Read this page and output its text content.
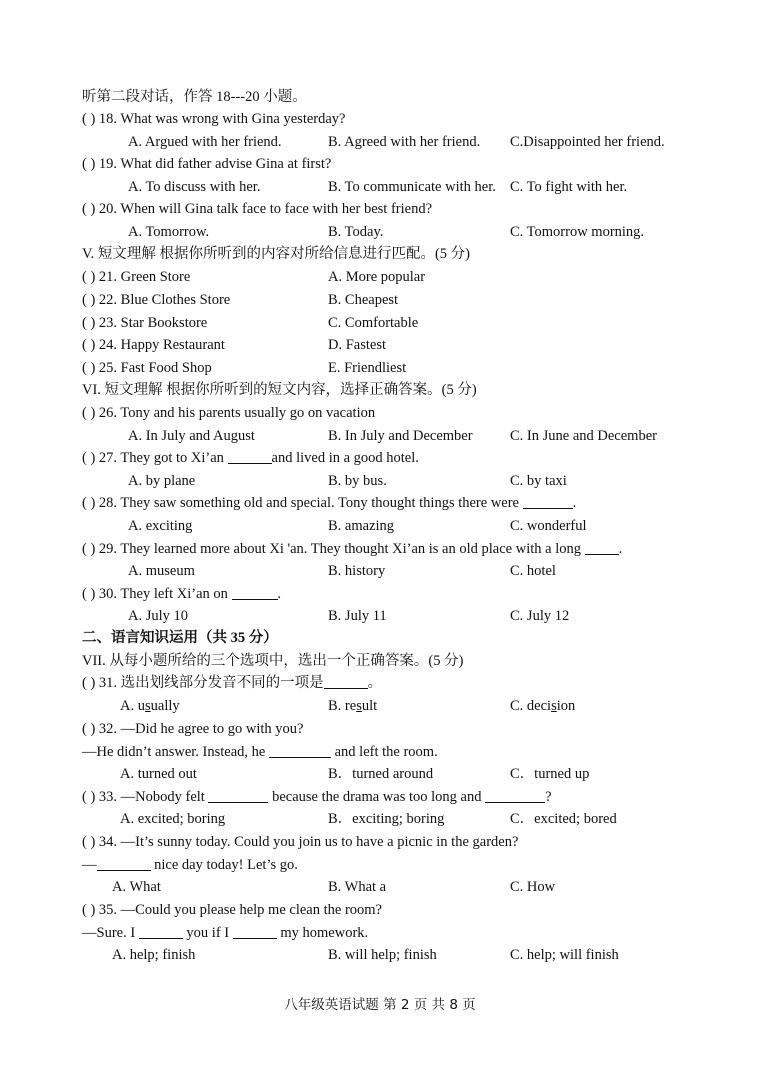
听第二段对话，作答 18---20 小题。
( ) 18. What was wrong with Gina yesterday?
A. Argued with her friend.	B. Agreed with her friend. C.Disappointed her friend.
( ) 19. What did father advise Gina at first?
A. To discuss with her.	B. To communicate with her. C. To fight with her.
( ) 20. When will Gina talk face to face with her best friend?
A. Tomorrow.	B. Today.	C. Tomorrow morning.
V. 短文理解 根据你所听到的内容对所给信息进行匹配。(5 分)
( ) 21. Green Store	A. More popular
( ) 22. Blue Clothes Store	B. Cheapest
( ) 23. Star Bookstore	C. Comfortable
( ) 24. Happy Restaurant	D. Fastest
( ) 25. Fast Food Shop	E. Friendliest
VI. 短文理解 根据你所听到的短文内容，选择正确答案。(5 分)
( ) 26. Tony and his parents usually go on vacation
A. In July and August	B. In July and December	C. In June and December
( ) 27. They got to Xi’an	and lived in a good hotel.
A. by plane	B. by bus.	C. by taxi
( ) 28. They saw something old and special. Tony thought things there were	.
A. exciting	B. amazing	C. wonderful
( ) 29. They learned more about Xi 'an. They thought Xi’an is an old place with a long .
A. museum	B. history	C. hotel
( ) 30. They left Xi’an on	.
A. July 10	B. July 11	C. July 12
二、语言知识运用（共 35 分）
VII. 从每小题所给的三个选项中，选出一个正确答案。(5 分)
( ) 31. 选出划线部分发音不同的一项是	。
A. usually	B. result	C. decision
( ) 32. —Did he agree to go with you?
—He didn’t answer. Instead, he	and left the room.
A. turned out	B．turned around	C．turned up
( ) 33. —Nobody felt	because the drama was too long and	?
A. excited; boring	B．exciting; boring	C．excited; bored
( ) 34. —It’s sunny today. Could you join us to have a picnic in the garden?
—	nice day today! Let’s go.
A. What	B. What a	C. How
( ) 35. —Could you please help me clean the room?
—Sure. I	you if I	my homework.
A. help; finish	B. will help; finish	C. help; will finish
八年级英语试题 第 2 页 共 8 页
